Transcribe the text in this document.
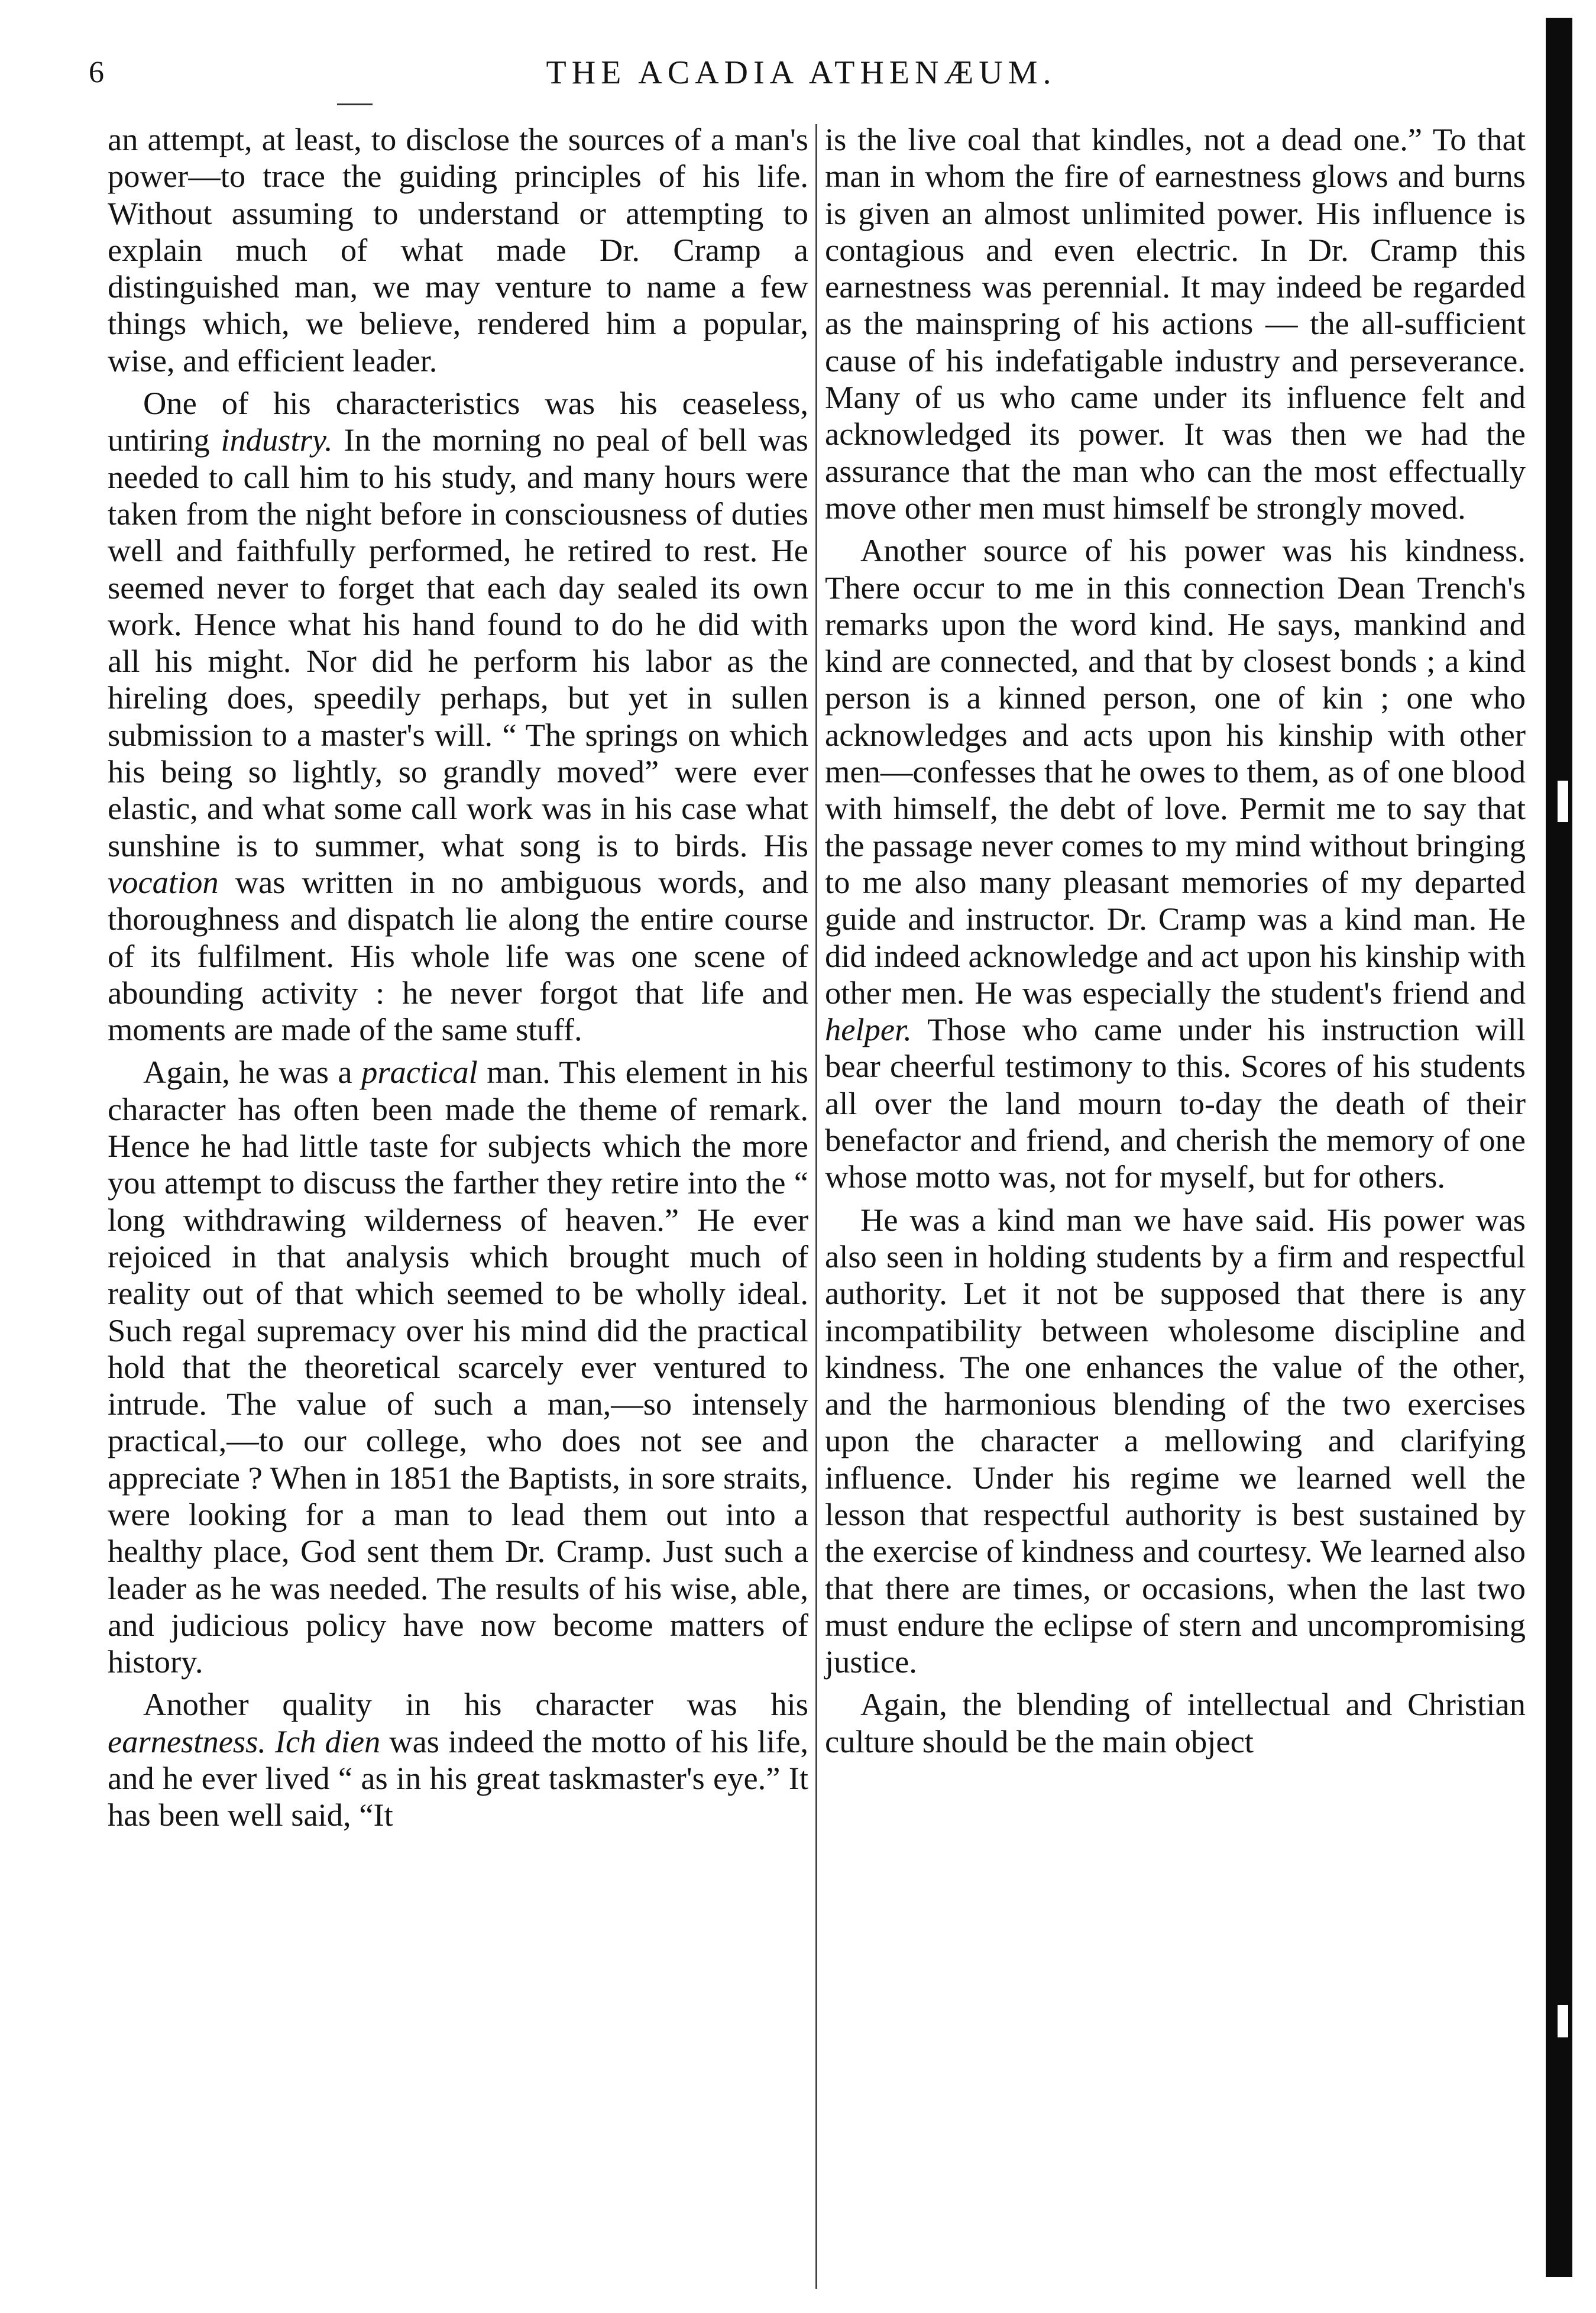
6	THE ACADIA ATHENÆUM.

an attempt, at least, to disclose the sources of a man's power—to trace the guiding principles of his life. Without assuming to understand or attempting to explain much of what made Dr. Cramp a distinguished man, we may venture to name a few things which, we believe, rendered him a popular, wise, and efficient leader.

One of his characteristics was his ceaseless, untiring industry. In the morning no peal of bell was needed to call him to his study, and many hours were taken from the night before in consciousness of duties well and faithfully performed, he retired to rest. He seemed never to forget that each day sealed its own work. Hence what his hand found to do he did with all his might. Nor did he perform his labor as the hireling does, speedily perhaps, but yet in sullen submission to a master's will. “ The springs on which his being so lightly, so grandly moved” were ever elastic, and what some call work was in his case what sunshine is to summer, what song is to birds. His vocation was written in no ambiguous words, and thoroughness and dispatch lie along the entire course of its fulfilment. His whole life was one scene of abounding activity : he never forgot that life and moments are made of the same stuff.

Again, he was a practical man. This element in his character has often been made the theme of remark. Hence he had little taste for subjects which the more you attempt to discuss the farther they retire into the “ long withdrawing wilderness of heaven.” He ever rejoiced in that analysis which brought much of reality out of that which seemed to be wholly ideal. Such regal supremacy over his mind did the practical hold that the theoretical scarcely ever ventured to intrude. The value of such a man,—so intensely practical,—to our college, who does not see and appreciate ? When in 1851 the Baptists, in sore straits, were looking for a man to lead them out into a healthy place, God sent them Dr. Cramp. Just such a leader as he was needed. The results of his wise, able, and judicious policy have now become matters of history.

Another quality in his character was his earnestness. Ich dien was indeed the motto of his life, and he ever lived “ as in his great taskmaster's eye.” It has been well said, “It

is the live coal that kindles, not a dead one.” To that man in whom the fire of earnestness glows and burns is given an almost unlimited power. His influence is contagious and even electric. In Dr. Cramp this earnestness was perennial. It may indeed be regarded as the mainspring of his actions — the all-sufficient cause of his indefatigable industry and perseverance. Many of us who came under its influence felt and acknowledged its power. It was then we had the assurance that the man who can the most effectually move other men must himself be strongly moved.

Another source of his power was his kindness. There occur to me in this connection Dean Trench's remarks upon the word kind. He says, mankind and kind are connected, and that by closest bonds ; a kind person is a kinned person, one of kin ; one who acknowledges and acts upon his kinship with other men—confesses that he owes to them, as of one blood with himself, the debt of love. Permit me to say that the passage never comes to my mind without bringing to me also many pleasant memories of my departed guide and instructor. Dr. Cramp was a kind man. He did indeed acknowledge and act upon his kinship with other men. He was especially the student's friend and helper. Those who came under his instruction will bear cheerful testimony to this. Scores of his students all over the land mourn to-day the death of their benefactor and friend, and cherish the memory of one whose motto was, not for myself, but for others.

He was a kind man we have said. His power was also seen in holding students by a firm and respectful authority. Let it not be supposed that there is any incompatibility between wholesome discipline and kindness. The one enhances the value of the other, and the harmonious blending of the two exercises upon the character a mellowing and clarifying influence. Under his regime we learned well the lesson that respectful authority is best sustained by the exercise of kindness and courtesy. We learned also that there are times, or occasions, when the last two must endure the eclipse of stern and uncompromising justice.

Again, the blending of intellectual and Christian culture should be the main object
